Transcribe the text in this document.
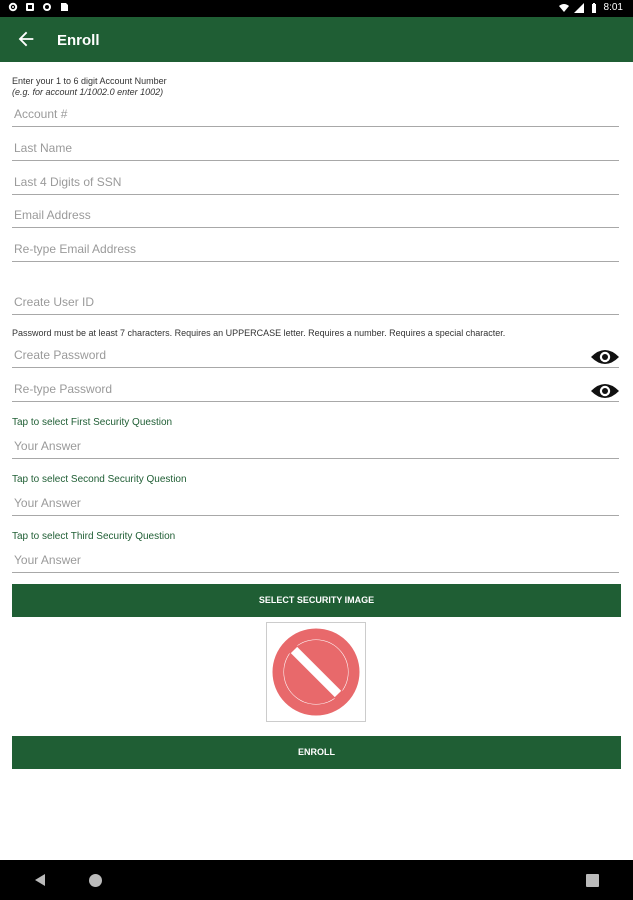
8:01
Enroll
Enter your 1 to 6 digit Account Number
(e.g. for account 1/1002.0 enter 1002)
Account #
Last Name
Last 4 Digits of SSN
Email Address
Re-type Email Address
Create User ID
Password must be at least 7 characters. Requires an UPPERCASE letter. Requires a number. Requires a special character.
Create Password
Re-type Password
Tap to select First Security Question
Your Answer
Tap to select Second Security Question
Your Answer
Tap to select Third Security Question
Your Answer
SELECT SECURITY IMAGE
ENROLL
